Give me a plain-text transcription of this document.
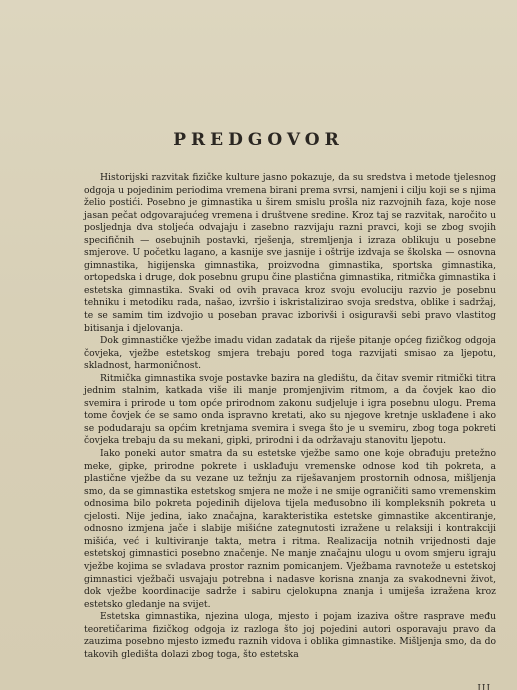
PREDGOVOR

Historijski razvitak fizičke kulture jasno pokazuje, da su sredstva i metode tjelesnog odgoja u pojedinim periodima vremena birani prema svrsi, namjeni i cilju koji se s njima želio postići. Posebno je gimnastika u širem smislu prošla niz razvojnih faza, koje nose jasan pečat odgovarajućeg vremena i društvene sredine. Kroz taj se razvitak, naročito u posljednja dva stoljeća odvajaju i zasebno razvijaju razni pravci, koji se zbog svojih specifičnih — osebujnih postavki, rješenja, stremljenja i izraza oblikuju u posebne smjerove. U početku lagano, a kasnije sve jasnije i oštrije izdvaja se školska — osnovna gimnastika, higijenska gimnastika, proizvodna gimnastika, sportska gimnastika, ortopedska i druge, dok posebnu grupu čine plastična gimnastika, ritmička gimnastika i estetska gimnastika. Svaki od ovih pravaca kroz svoju evoluciju razvio je posebnu tehniku i metodiku rada, našao, izvršio i iskristalizirao svoja sredstva, oblike i sadržaj, te se samim tim izdvojio u poseban pravac izborivši i osiguravši sebi pravo vlastitog bitisanja i djelovanja.

Dok gimnastičke vježbe imadu vidan zadatak da riješe pitanje općeg fizičkog odgoja čovjeka, vježbe estetskog smjera trebaju pored toga razvijati smisao za ljepotu, skladnost, harmoničnost.

Ritmička gimnastika svoje postavke bazira na gledištu, da čitav svemir ritmički titra jednim stalnim, katkada više ili manje promjenjivim ritmom, a da čovjek kao dio svemira i prirode u tom opće prirodnom zakonu sudjeluje i igra posebnu ulogu. Prema tome čovjek će se samo onda ispravno kretati, ako su njegove kretnje usklađene i ako se podudaraju sa općim kretnjama svemira i svega što je u svemiru, zbog toga pokreti čovjeka trebaju da su mekani, gipki, prirodni i da održavaju stanovitu ljepotu.

Iako poneki autor smatra da su estetske vježbe samo one koje obrađuju pretežno meke, gipke, prirodne pokrete i usklađuju vremenske odnose kod tih pokreta, a plastične vježbe da su vezane uz težnju za riješavanjem prostornih odnosa, mišljenja smo, da se gimnastika estetskog smjera ne može i ne smije ograničiti samo vremenskim odnosima bilo pokreta pojedinih dijelova tijela međusobno ili kompleksnih pokreta u cjelosti. Nije jedina, iako značajna, karakteristika estetske gimnastike akcentiranje, odnosno izmjena jače i slabije mišićne zategnutosti izražene u relaksiji i kontrakciji mišića, već i kultiviranje takta, metra i ritma. Realizacija notnih vrijednosti daje estetskoj gimnastici posebno značenje. Ne manje značajnu ulogu u ovom smjeru igraju vježbe kojima se svladava prostor raznim pomicanjem. Vježbama ravnoteže u estetskoj gimnastici vježbači usvajaju potrebna i nadasve korisna znanja za svakodnevni život, dok vježbe koordinacije sadrže i sabiru cjelokupna znanja i umiješa izražena kroz estetsko gledanje na svijet.

Estetska gimnastika, njezina uloga, mjesto i pojam izaziva oštre rasprave među teoretičarima fizičkog odgoja iz razloga što joj pojedini autori osporavaju pravo da zauzima posebno mjesto između raznih vidova i oblika gimnastike. Mišljenja smo, da do takovih gledišta dolazi zbog toga, što estetska

III
